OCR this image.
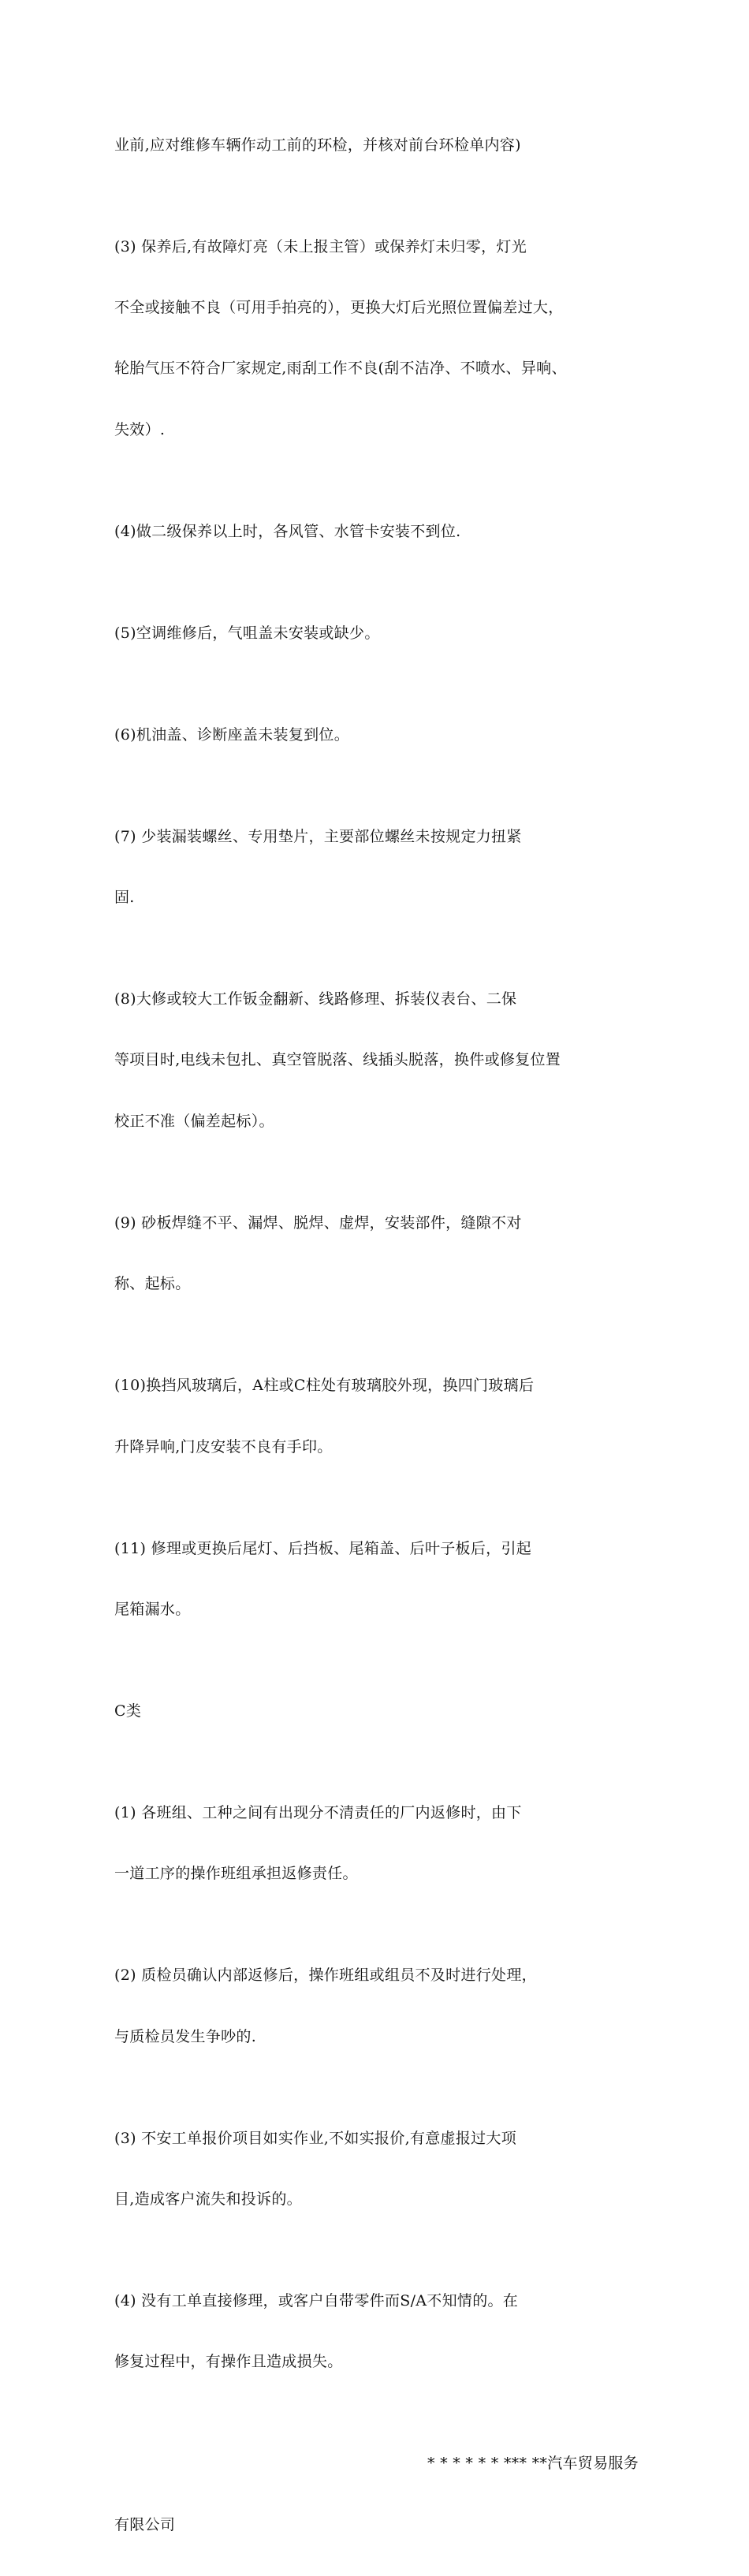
业前,应对维修车辆作动工前的环检，并核对前台环检单内容)

(3) 保养后,有故障灯亮（未上报主管）或保养灯未归零，灯光

不全或接触不良（可用手拍亮的），更换大灯后光照位置偏差过大，

轮胎气压不符合厂家规定,雨刮工作不良(刮不洁净、不喷水、异响、

失效）.

(4)做二级保养以上时，各风管、水管卡安装不到位.

(5)空调维修后，气咀盖未安装或缺少。

(6)机油盖、诊断座盖未装复到位。

(7) 少装漏装螺丝、专用垫片，主要部位螺丝未按规定力扭紧

固.

(8)大修或较大工作钣金翻新、线路修理、拆装仪表台、二保

等项目时,电线未包扎、真空管脱落、线插头脱落，换件或修复位置

校正不准（偏差起标）。

(9) 砂板焊缝不平、漏焊、脱焊、虚焊，安装部件，缝隙不对

称、起标。

(10)换挡风玻璃后，A柱或C柱处有玻璃胶外现，换四门玻璃后

升降异响,门皮安装不良有手印。

(11) 修理或更换后尾灯、后挡板、尾箱盖、后叶子板后，引起

尾箱漏水。

C类

(1) 各班组、工种之间有出现分不清责任的厂内返修时，由下

一道工序的操作班组承担返修责任。

(2) 质检员确认内部返修后，操作班组或组员不及时进行处理，

与质检员发生争吵的.

(3) 不安工单报价项目如实作业,不如实报价,有意虚报过大项

目,造成客户流失和投诉的。

(4) 没有工单直接修理，或客户自带零件而S/A不知情的。在

修复过程中，有操作且造成损失。

* * * * * * *** **汽车贸易服务

有限公司
